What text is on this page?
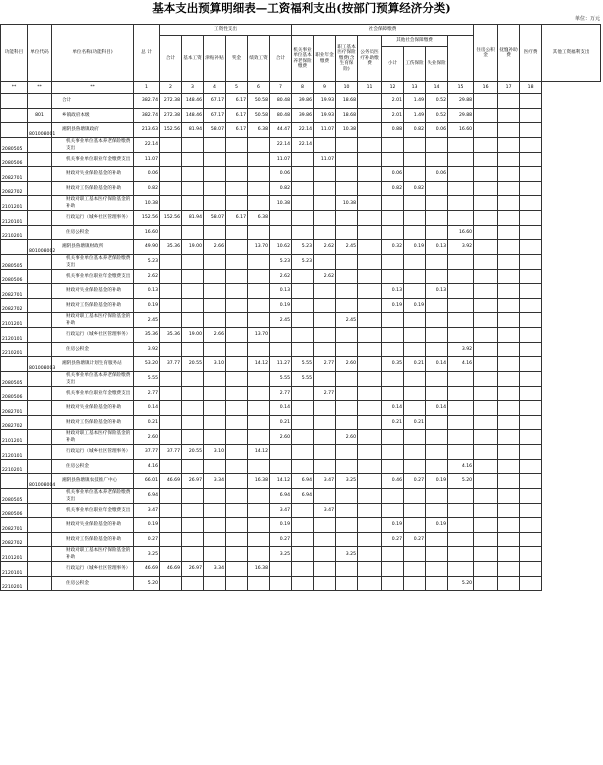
基本支出预算明细表—工资福利支出(按部门预算经济分类)
单位：万元
功能科目	单位代码	单位名称(功能科目)	总 计	工资性支出						社会保障缴费								住房公积金	抚恤补助费	医疗费	其他工资福利支出
				合计	基本工资	津贴补贴	奖金	绩效工资	合计	机关事业单位基本养老保险缴费	职业年金缴费	职工基本医疗保险缴费(含生育保险)	公务员医疗补助缴费	其他社会保障缴费							
														小计	工伤保险	失业保险					
**	**	**	1	2	3	4	5	6	7	8	9	10	11	12	13	14	15	16	17	18	
		合计	382.74	272.38	148.46	67.17	6.17	50.58	80.48	39.86	19.93	18.68		2.01	1.49	0.52	29.88				
	801	乡镇政府本级	382.74	272.38	148.46	67.17	6.17	50.58	80.48	39.86	19.93	18.68		2.01	1.49	0.52	29.88				
	801008001	湘阴县鲁塘镇政府	213.63	152.56	81.94	58.07	6.17	6.38	44.47	22.14	11.07	10.38		0.88	0.82	0.06	16.60				
2080505		机关事业单位基本养老保险缴费支出	22.14						22.14	22.14											
2080506		机关事业单位职业年金缴费支出	11.07						11.07		11.07										
2082701		财政对失业保险基金的补助	0.06						0.06					0.06		0.06					
2082702		财政对工伤保险基金的补助	0.82						0.82					0.82	0.82						
2101201		财政对职工基本医疗保险基金的补助	10.38						10.38			10.38									
2120101		行政运行（城乡社区管理事务）	152.56	152.56	81.94	58.07	6.17	6.38													
2210201		住房公积金	16.60														16.60				
	801008002	湘阴县鲁塘镇财政所	49.90	35.36	19.00	2.66		13.70	10.62	5.23	2.62	2.45		0.32	0.19	0.13	3.92				
2080505		机关事业单位基本养老保险缴费支出	5.23						5.23	5.23											
2080506		机关事业单位职业年金缴费支出	2.62						2.62		2.62										
2082701		财政对失业保险基金的补助	0.13						0.13					0.13		0.13					
2082702		财政对工伤保险基金的补助	0.19						0.19					0.19	0.19						
2101201		财政对职工基本医疗保险基金的补助	2.45						2.45			2.45									
2120101		行政运行（城乡社区管理事务）	35.36	35.36	19.00	2.66		13.70													
2210201		住房公积金	3.92														3.92				
	801008003	湘阴县鲁塘镇计划生育服务站	53.20	37.77	20.55	3.10		14.12	11.27	5.55	2.77	2.60		0.35	0.21	0.14	4.16				
2080505		机关事业单位基本养老保险缴费支出	5.55						5.55	5.55											
2080506		机关事业单位职业年金缴费支出	2.77						2.77		2.77										
2082701		财政对失业保险基金的补助	0.14						0.14					0.14		0.14					
2082702		财政对工伤保险基金的补助	0.21						0.21					0.21	0.21						
2101201		财政对职工基本医疗保险基金的补助	2.60						2.60			2.60									
2120101		行政运行（城乡社区管理事务）	37.77	37.77	20.55	3.10		14.12													
2210201		住房公积金	4.16														4.16				
	801008004	湘阴县鲁塘镇农技推广中心	66.01	46.69	26.97	3.34		16.38	14.12	6.94	3.47	3.25		0.46	0.27	0.19	5.20				
2080505		机关事业单位基本养老保险缴费支出	6.94						6.94	6.94											
2080506		机关事业单位职业年金缴费支出	3.47						3.47		3.47										
2082701		财政对失业保险基金的补助	0.19						0.19					0.19		0.19					
2082702		财政对工伤保险基金的补助	0.27						0.27					0.27	0.27						
2101201		财政对职工基本医疗保险基金的补助	3.25						3.25			3.25									
2120101		行政运行（城乡社区管理事务）	46.69	46.69	26.97	3.34		16.38													
2210201		住房公积金	5.20														5.20				
